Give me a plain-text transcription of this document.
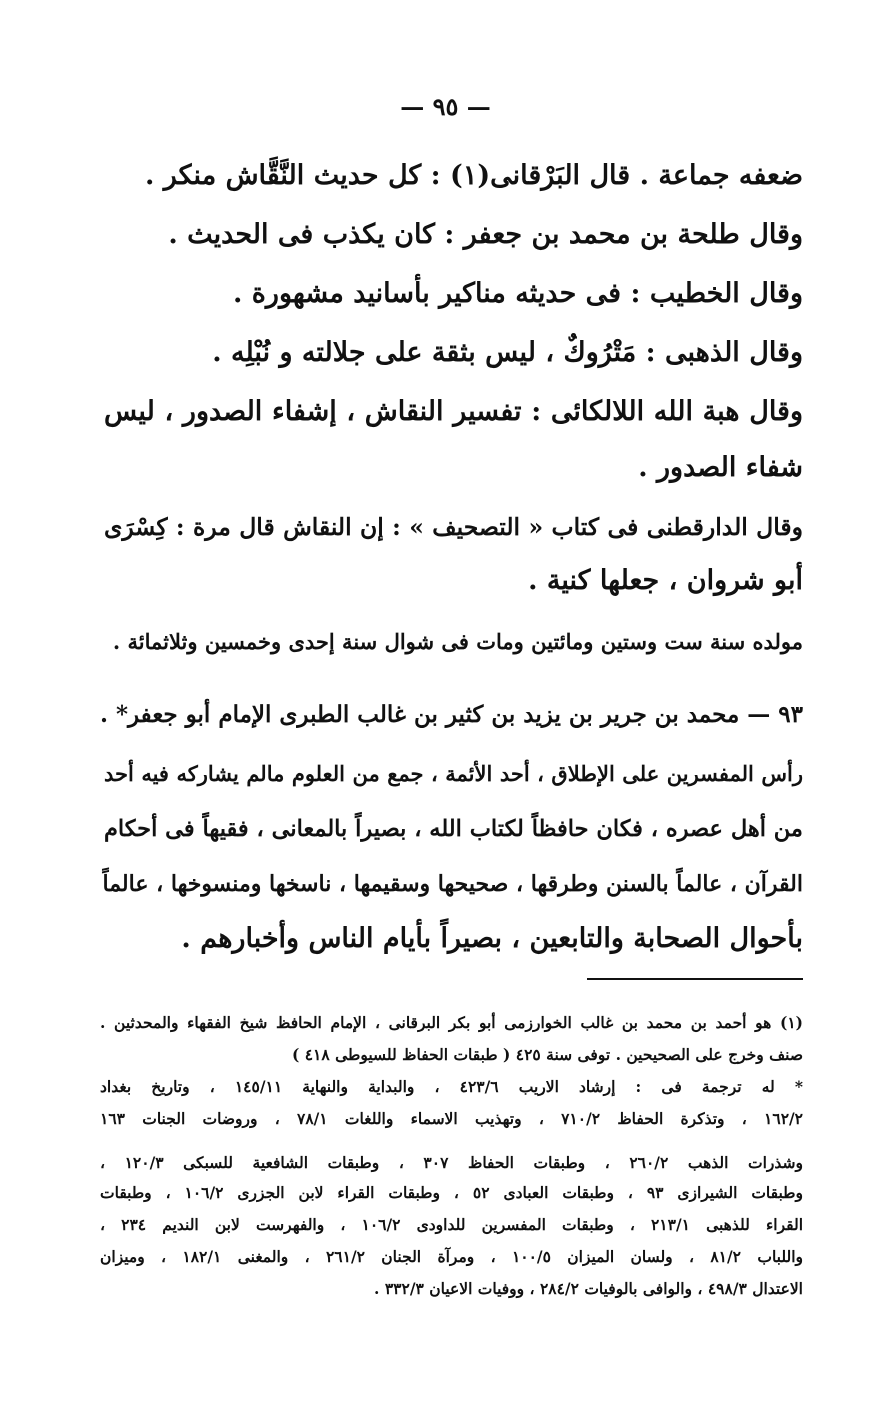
— ٩٥ —
ضعفه جماعة . قال البَرْقانى(١) : كل حديث النَّقَّاش منكر .
وقال طلحة بن محمد بن جعفر : كان يكذب فى الحديث .
وقال الخطيب : فى حديثه مناكير بأسانيد مشهورة .
وقال الذهبى : مَتْرُوكٌ ، ليس بثقة على جلالته و نُبْلِه .
وقال هبة الله اللالكائى : تفسير النقاش ، إشفاء الصدور ، ليس
شفاء الصدور .
وقال الدارقطنى فى كتاب « التصحيف » : إن النقاش قال مرة : كِسْرَى
أبو شروان ، جعلها كنية .
مولده سنة ست وستين ومائتين ومات فى شوال سنة إحدى وخمسين وثلاثمائة .
٩٣ — محمد بن جرير بن يزيد بن كثير بن غالب الطبرى الإمام أبو جعفر* .
رأس المفسرين على الإطلاق ، أحد الأئمة ، جمع من العلوم مالم يشاركه فيه أحد
من أهل عصره ، فكان حافظاً لكتاب الله ، بصيراً بالمعانى ، فقيهاً فى أحكام
القرآن ، عالماً بالسنن وطرقها ، صحيحها وسقيمها ، ناسخها ومنسوخها ، عالماً
بأحوال الصحابة والتابعين ، بصيراً بأيام الناس وأخبارهم .
(١) هو أحمد بن محمد بن غالب الخوارزمى أبو بكر البرقانى ، الإمام الحافظ شيخ الفقهاء والمحدثين .
صنف وخرج على الصحيحين . توفى سنة ٤٢٥ ( طبقات الحفاظ للسيوطى ٤١٨ )
* له ترجمة فى : إرشاد الاريب ٤٢٣/٦ ، والبداية والنهاية ١٤٥/١١ ، وتاريخ بغداد
١٦٢/٢ ، وتذكرة الحفاظ ٧١٠/٢ ، وتهذيب الاسماء واللغات ٧٨/١ ، وروضات الجنات ١٦٣
وشذرات الذهب ٢٦٠/٢ ، وطبقات الحفاظ ٣٠٧ ، وطبقات الشافعية للسبكى ١٢٠/٣ ،
وطبقات الشيرازى ٩٣ ، وطبقات العبادى ٥٢ ، وطبقات القراء لابن الجزرى ١٠٦/٢ ، وطبقات
القراء للذهبى ٢١٣/١ ، وطبقات المفسرين للداودى ١٠٦/٢ ، والفهرست لابن النديم ٢٣٤ ،
واللباب ٨١/٢ ، ولسان الميزان ١٠٠/٥ ، ومرآة الجنان ٢٦١/٢ ، والمغنى ١٨٢/١ ، وميزان
الاعتدال ٤٩٨/٣ ، والوافى بالوفيات ٢٨٤/٢ ، ووفيات الاعيان ٣٣٢/٣ .
